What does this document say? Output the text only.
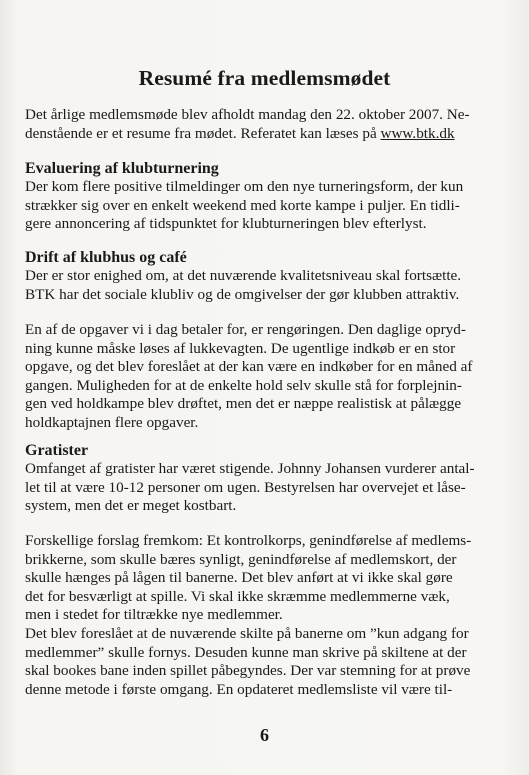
Resumé fra medlemsmødet

Det årlige medlemsmøde blev afholdt mandag den 22. oktober 2007. Ne-
denstående er et resume fra mødet. Referatet kan læses på www.btk.dk

Evaluering af klubturnering

Der kom flere positive tilmeldinger om den nye turneringsform, der kun
strækker sig over en enkelt weekend med korte kampe i puljer. En tidli-
gere annoncering af tidspunktet for klubturneringen blev efterlyst.

Drift af klubhus og café

Der er stor enighed om, at det nuværende kvalitetsniveau skal fortsætte.
BTK har det sociale klubliv og de omgivelser der gør klubben attraktiv.

En af de opgaver vi i dag betaler for, er rengøringen. Den daglige opryd-
ning kunne måske løses af lukkevagten. De ugentlige indkøb er en stor
opgave, og det blev foreslået at der kan være en indkøber for en måned af
gangen. Muligheden for at de enkelte hold selv skulle stå for forplejnin-
gen ved holdkampe blev drøftet, men det er næppe realistisk at pålægge
holdkaptajnen flere opgaver.

Gratister

Omfanget af gratister har været stigende. Johnny Johansen vurderer antal-
let til at være 10-12 personer om ugen. Bestyrelsen har overvejet et låse-
system, men det er meget kostbart.

Forskellige forslag fremkom: Et kontrolkorps, genindførelse af medlems-
brikkerne, som skulle bæres synligt, genindførelse af medlemskort, der
skulle hænges på lågen til banerne. Det blev anført at vi ikke skal gøre
det for besværligt at spille. Vi skal ikke skræmme medlemmerne væk,
men i stedet for tiltrække nye medlemmer.

Det blev foreslået at de nuværende skilte på banerne om ”kun adgang for
medlemmer” skulle fornys. Desuden kunne man skrive på skiltene at der
skal bookes bane inden spillet påbegyndes. Der var stemning for at prøve
denne metode i første omgang. En opdateret medlemsliste vil være til-

6
